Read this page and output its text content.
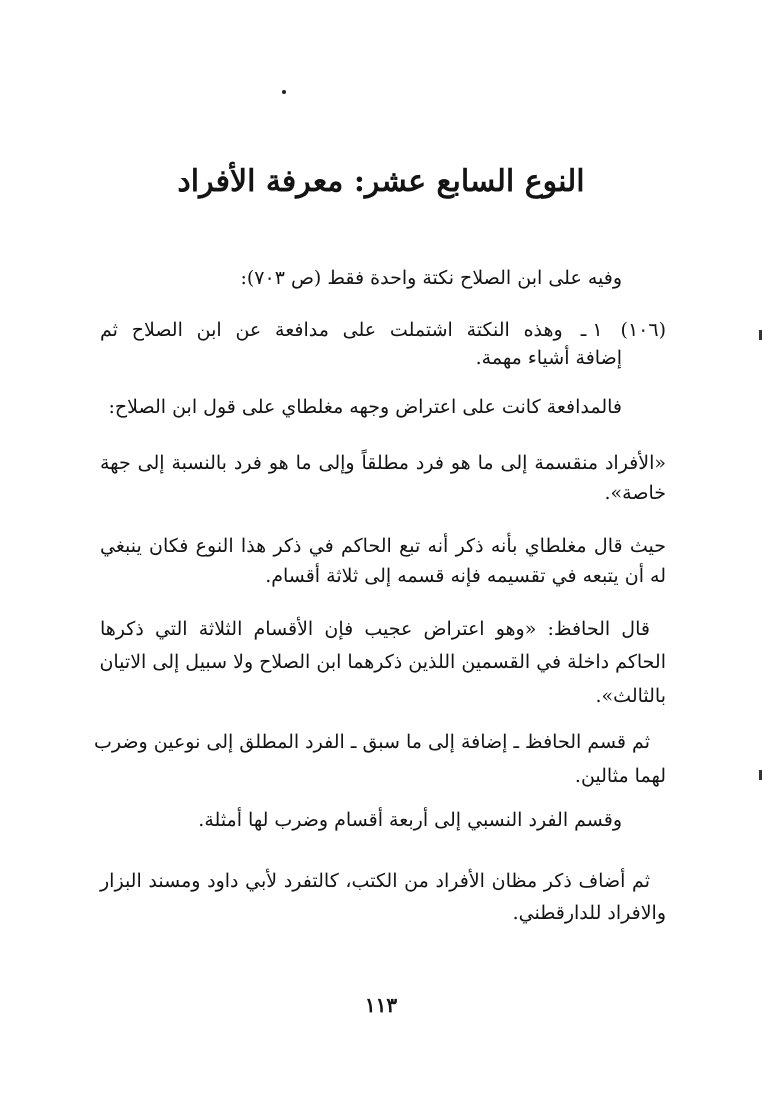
النوع السابع عشر: معرفة الأفراد

وفيه على ابن الصلاح نكتة واحدة فقط (ص ٧٠٣):

(١٠٦)١ ـوهذه النكتة اشتملت على مدافعة عن ابن الصلاح ثم

إضافة أشياء مهمة.

فالمدافعة كانت على اعتراض وجهه مغلطاي على قول ابن الصلاح:

«الأفراد منقسمة إلى ما هو فرد مطلقاً وإلى ما هو فرد بالنسبة إلى جهة

خاصة».

حيث قال مغلطاي بأنه ذكر أنه تبع الحاكم في ذكر هذا النوع فكان ينبغي

له أن يتبعه في تقسيمه فإنه قسمه إلى ثلاثة أقسام.

قال الحافظ: «وهو اعتراض عجيب فإن الأقسام الثلاثة التي ذكرها

الحاكم داخلة في القسمين اللذين ذكرهما ابن الصلاح ولا سبيل إلى الاتيان

بالثالث».

ثم قسم الحافظ ـ إضافة إلى ما سبق ـ الفرد المطلق إلى نوعين وضرب

لهما مثالين.

وقسم الفرد النسبي إلى أربعة أقسام وضرب لها أمثلة.

ثم أضاف ذكر مظان الأفراد من الكتب، كالتفرد لأبي داود ومسند البزار

والافراد للدارقطني.

١١٣
